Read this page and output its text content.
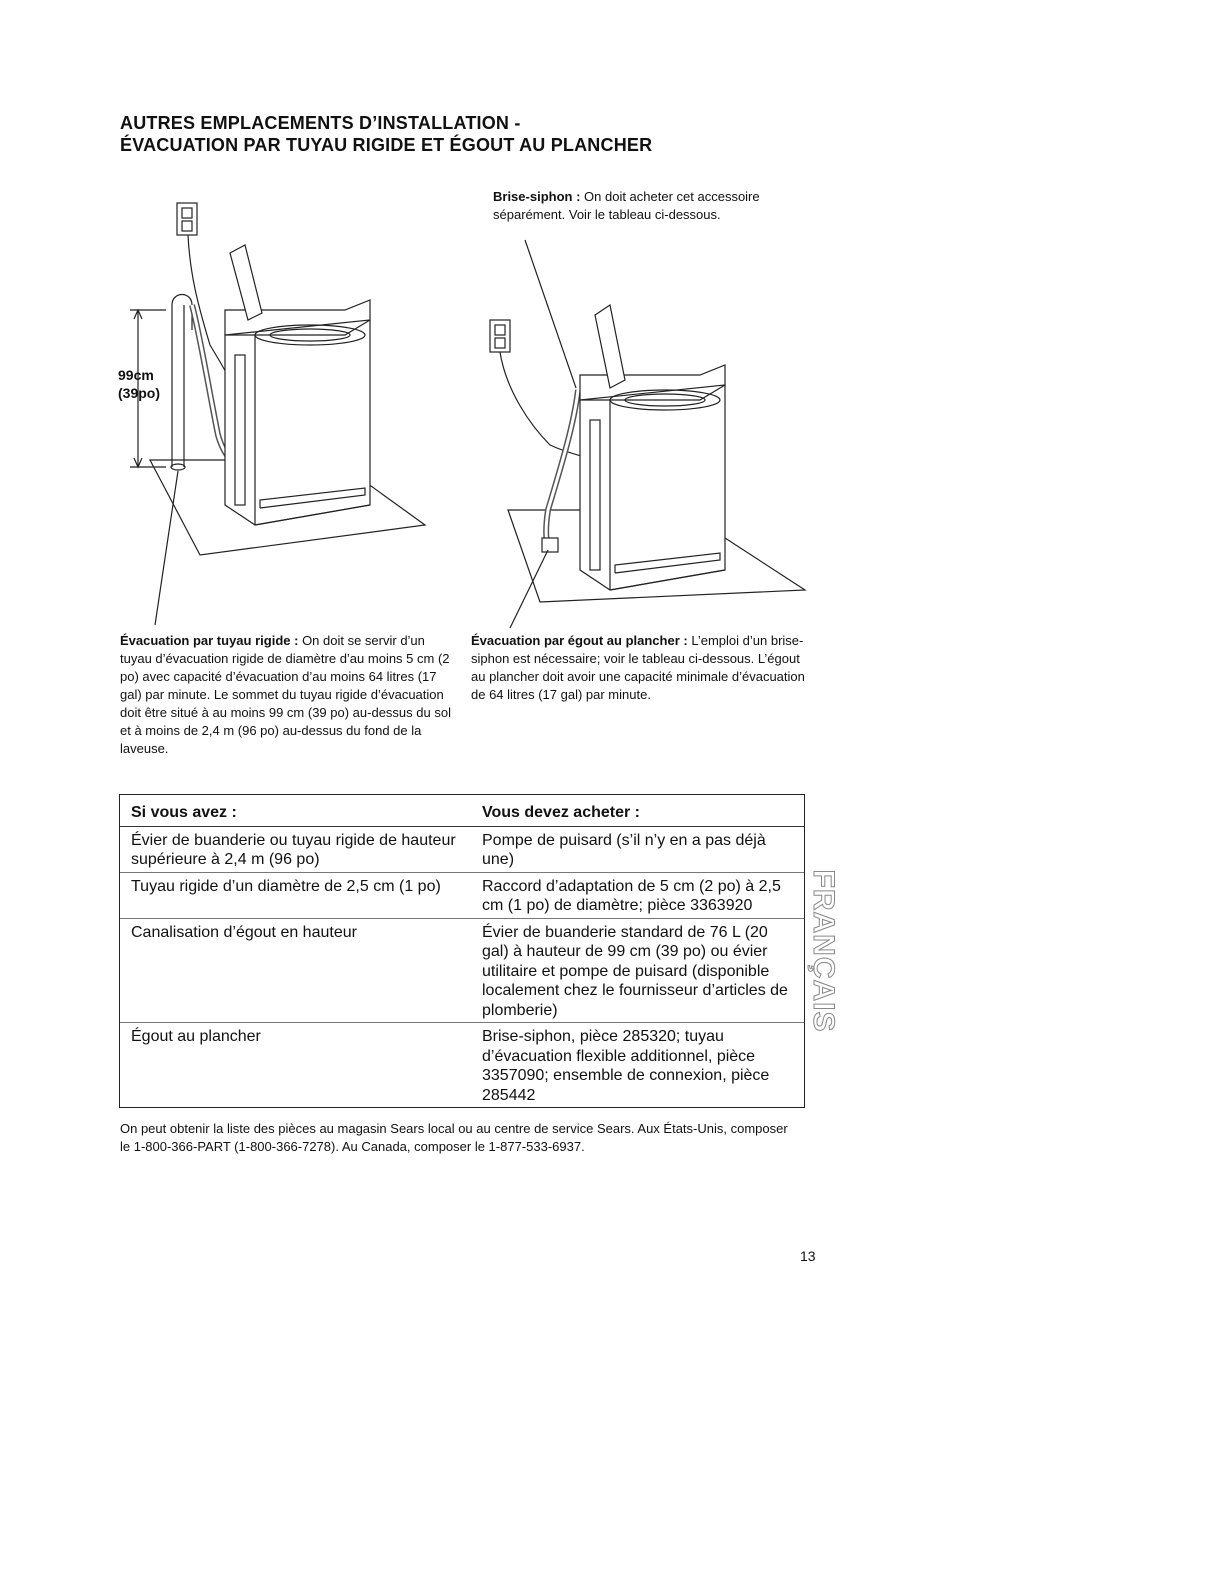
AUTRES EMPLACEMENTS D’INSTALLATION -
ÉVACUATION PAR TUYAU RIGIDE ET ÉGOUT AU PLANCHER
99cm
(39po)
Brise-siphon : On doit acheter cet accessoire séparément. Voir le tableau ci-dessous.
Évacuation par tuyau rigide : On doit se servir d’un tuyau d’évacuation rigide de diamètre d’au moins 5 cm (2 po) avec capacité d’évacuation d’au moins 64 litres (17 gal) par minute. Le sommet du tuyau rigide d’évacuation doit être situé à au moins 99 cm (39 po) au-dessus du sol et à moins de 2,4 m (96 po) au-dessus du fond de la laveuse.
Évacuation par égout au plancher : L’emploi d’un brise-siphon est nécessaire; voir le tableau ci-dessous. L’égout au plancher doit avoir une capacité minimale d’évacuation de 64 litres (17 gal) par minute.
Si vous avez :	Vous devez acheter :
Évier de buanderie ou tuyau rigide de hauteur supérieure à 2,4 m (96 po)	Pompe de puisard (s’il n’y en a pas déjà une)
Tuyau rigide d’un diamètre de 2,5 cm (1 po)	Raccord d’adaptation de 5 cm (2 po) à 2,5 cm (1 po) de diamètre; pièce 3363920
Canalisation d’égout en hauteur	Évier de buanderie standard de 76 L (20 gal) à hauteur de 99 cm (39 po) ou évier utilitaire et pompe de puisard (disponible localement chez le fournisseur d’articles de plomberie)
Égout au plancher	Brise-siphon, pièce 285320; tuyau d’évacuation flexible additionnel, pièce 3357090; ensemble de connexion, pièce 285442
FRANÇAIS
On peut obtenir la liste des pièces au magasin Sears local ou au centre de service Sears. Aux États-Unis, composer le 1-800-366-PART (1-800-366-7278). Au Canada, composer le 1-877-533-6937.
13
